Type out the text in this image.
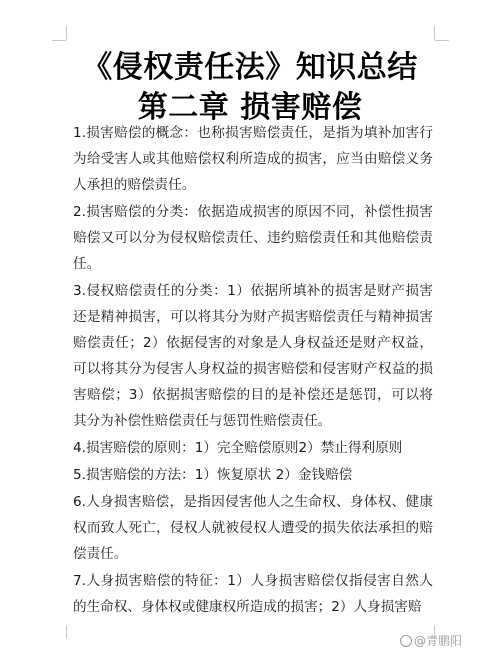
《侵权责任法》知识总结
第二章 损害赔偿

1.损害赔偿的概念：也称损害赔偿责任，是指为填补加害行为给受害人或其他赔偿权利所造成的损害，应当由赔偿义务人承担的赔偿责任。

2.损害赔偿的分类：依据造成损害的原因不同，补偿性损害赔偿又可以分为侵权赔偿责任、违约赔偿责任和其他赔偿责任。

3.侵权赔偿责任的分类：1）依据所填补的损害是财产损害还是精神损害，可以将其分为财产损害赔偿责任与精神损害赔偿责任；2）依据侵害的对象是人身权益还是财产权益，可以将其分为侵害人身权益的损害赔偿和侵害财产权益的损害赔偿；3）依据损害赔偿的目的是补偿还是惩罚，可以将其分为补偿性赔偿责任与惩罚性赔偿责任。

4.损害赔偿的原则：1）完全赔偿原则2）禁止得利原则

5.损害赔偿的方法：1）恢复原状 2）金钱赔偿

6.人身损害赔偿，是指因侵害他人之生命权、身体权、健康权而致人死亡，侵权人就被侵权人遭受的损失依法承担的赔偿责任。

7.人身损害赔偿的特征：1）人身损害赔偿仅指侵害自然人的生命权、身体权或健康权所造成的损害；2）人身损害赔

@青鹏阳
